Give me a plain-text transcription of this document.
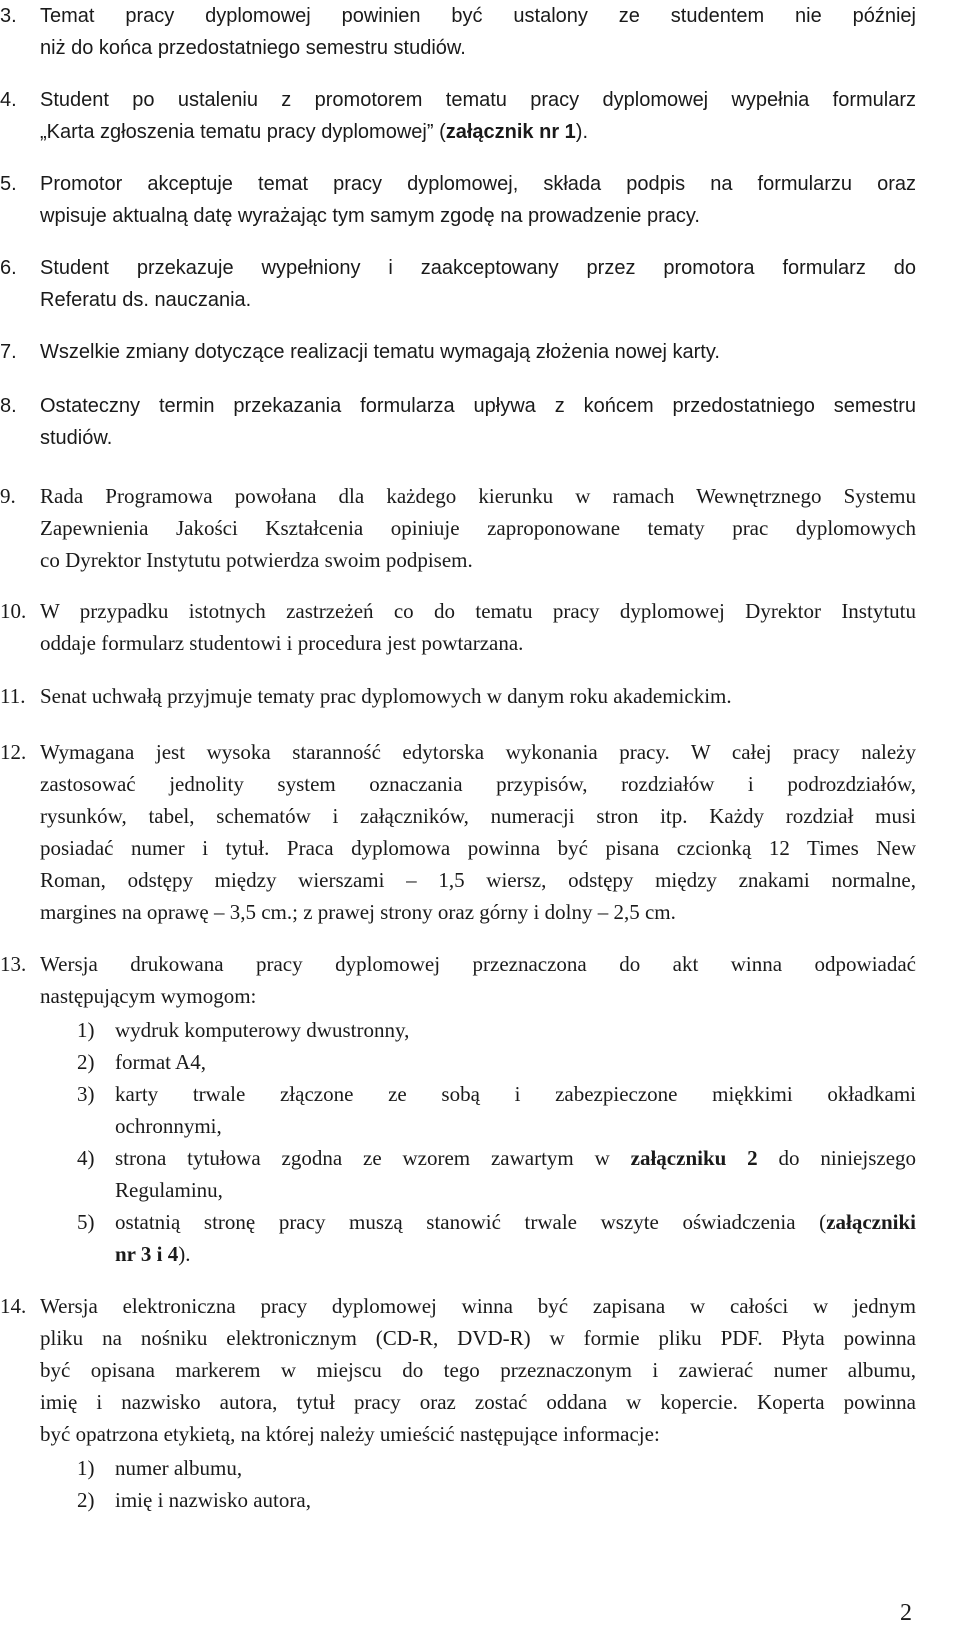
3.	Temat pracy dyplomowej powinien być ustalony ze studentem nie później
niż do końca przedostatniego semestru studiów.
4.	Student po ustaleniu z promotorem tematu pracy dyplomowej wypełnia formularz
„Karta zgłoszenia tematu pracy dyplomowej” (załącznik nr 1).
5.	Promotor akceptuje temat pracy dyplomowej, składa podpis na formularzu oraz
wpisuje aktualną datę wyrażając tym samym zgodę na prowadzenie pracy.
6.	Student przekazuje wypełniony i zaakceptowany przez promotora formularz do
Referatu ds. nauczania.
7.	Wszelkie zmiany dotyczące realizacji tematu wymagają złożenia nowej karty.
8.	Ostateczny termin przekazania formularza upływa z końcem przedostatniego semestru
studiów.
9.	Rada Programowa powołana dla każdego kierunku w ramach Wewnętrznego Systemu
Zapewnienia Jakości Kształcenia opiniuje zaproponowane tematy prac dyplomowych
co Dyrektor Instytutu potwierdza swoim podpisem.
10. W przypadku istotnych zastrzeżeń co do tematu pracy dyplomowej Dyrektor Instytutu
oddaje formularz studentowi i procedura jest powtarzana.
11. Senat uchwałą przyjmuje tematy prac dyplomowych w danym roku akademickim.
12. Wymagana jest wysoka staranność edytorska wykonania pracy. W całej pracy należy
zastosować jednolity system oznaczania przypisów, rozdziałów i podrozdziałów,
rysunków, tabel, schematów i załączników, numeracji stron itp. Każdy rozdział musi
posiadać numer i tytuł. Praca dyplomowa powinna być pisana czcionką 12 Times New
Roman, odstępy między wierszami – 1,5 wiersz, odstępy między znakami normalne,
margines na oprawę – 3,5 cm.; z prawej strony oraz górny i dolny – 2,5 cm.
13. Wersja drukowana pracy dyplomowej przeznaczona do akt winna odpowiadać
następującym wymogom:
1) wydruk komputerowy dwustronny,
2) format A4,
3) karty trwale złączone ze sobą i zabezpieczone miękkimi okładkami
ochronnymi,
4) strona tytułowa zgodna ze wzorem zawartym w załączniku 2 do niniejszego
Regulaminu,
5) ostatnią stronę pracy muszą stanowić trwale wszyte oświadczenia (załączniki
nr 3 i 4).
14. Wersja elektroniczna pracy dyplomowej winna być zapisana w całości w jednym
pliku na nośniku elektronicznym (CD-R, DVD-R) w formie pliku PDF. Płyta powinna
być opisana markerem w miejscu do tego przeznaczonym i zawierać numer albumu,
imię i nazwisko autora, tytuł pracy oraz zostać oddana w kopercie. Koperta powinna
być opatrzona etykietą, na której należy umieścić następujące informacje:
1) numer albumu,
2) imię i nazwisko autora,
2
